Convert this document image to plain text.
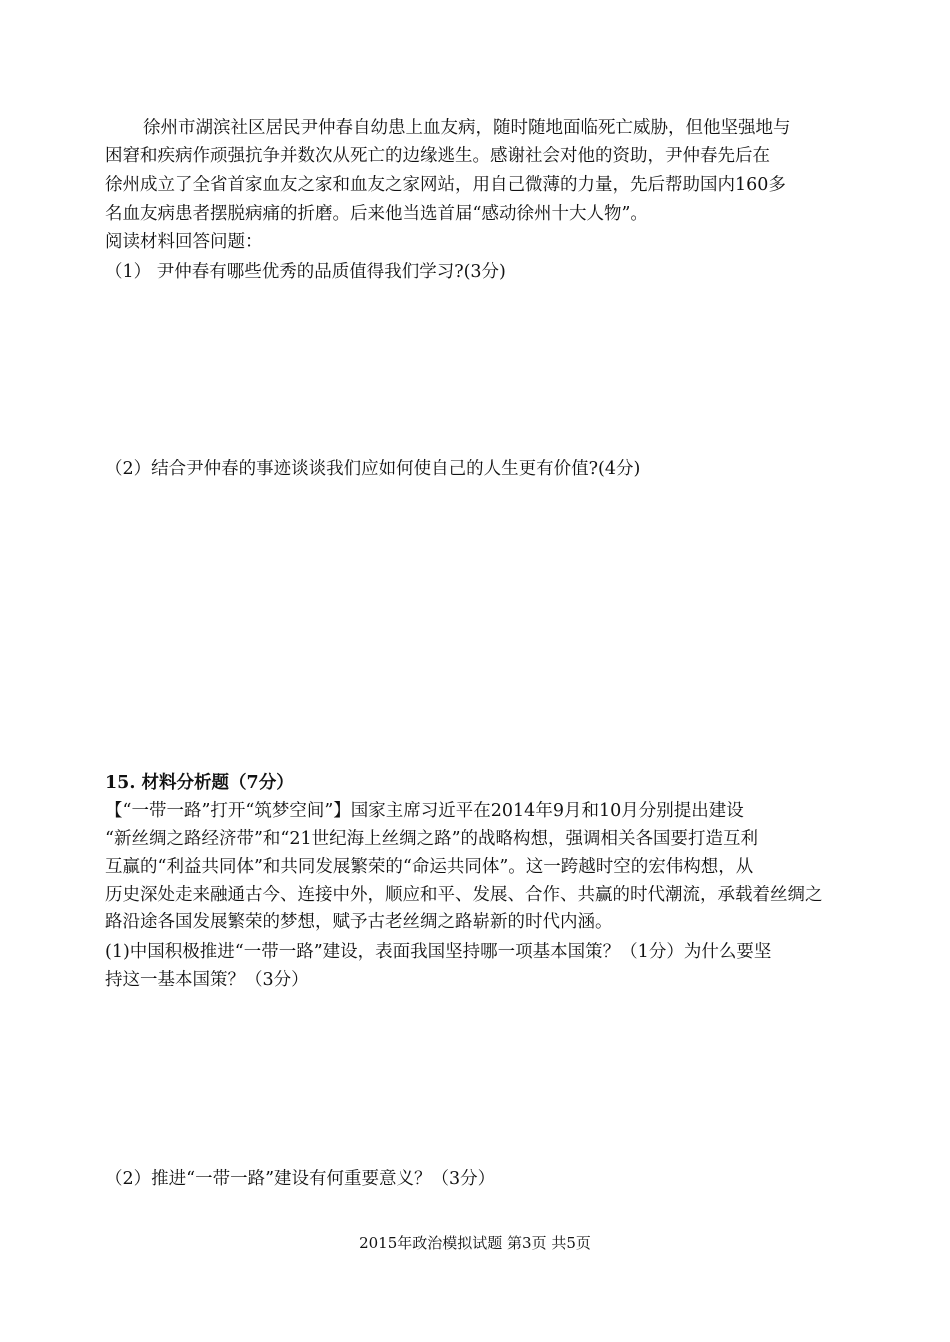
徐州市湖滨社区居民尹仲春自幼患上血友病，随时随地面临死亡威胁，但他坚强地与
困窘和疾病作顽强抗争并数次从死亡的边缘逃生。感谢社会对他的资助，尹仲春先后在
徐州成立了全省首家血友之家和血友之家网站，用自己微薄的力量，先后帮助国内160多
名血友病患者摆脱病痛的折磨。后来他当选首届“感动徐州十大人物”。
阅读材料回答问题：
（1） 尹仲春有哪些优秀的品质值得我们学习?(3分)
（2）结合尹仲春的事迹谈谈我们应如何使自己的人生更有价值?(4分)
15. 材料分析题（7分）
【“一带一路”打开“筑梦空间”】国家主席习近平在2014年9月和10月分别提出建设
“新丝绸之路经济带”和“21世纪海上丝绸之路”的战略构想，强调相关各国要打造互利
互赢的“利益共同体”和共同发展繁荣的“命运共同体”。这一跨越时空的宏伟构想，从
历史深处走来融通古今、连接中外，顺应和平、发展、合作、共赢的时代潮流，承载着丝绸之
路沿途各国发展繁荣的梦想，赋予古老丝绸之路崭新的时代内涵。
(1)中国积极推进“一带一路”建设，表面我国坚持哪一项基本国策？（1分）为什么要坚
持这一基本国策？（3分）
（2）推进“一带一路”建设有何重要意义？（3分）
2015年政治模拟试题 第3页 共5页
